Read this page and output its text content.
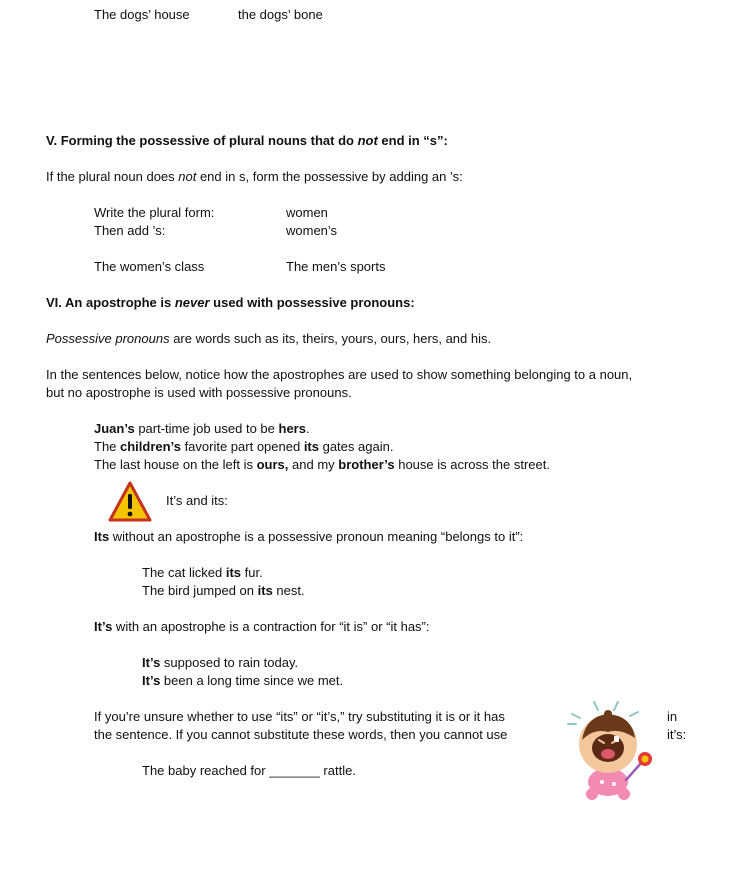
The dogs’ house	the dogs’ bone
V. Forming the possessive of plural nouns that do not end in “s”:
If the plural noun does not end in s, form the possessive by adding an ’s:
Write the plural form:	women
Then add ’s:	women’s
The women’s class	The men’s sports
VI. An apostrophe is never used with possessive pronouns:
Possessive pronouns are words such as its, theirs, yours, ours, hers, and his.
In the sentences below, notice how the apostrophes are used to show something belonging to a noun,
but no apostrophe is used with possessive pronouns.
Juan’s part-time job used to be hers.
The children’s favorite part opened its gates again.
The last house on the left is ours, and my brother’s house is across the street.
It’s and its:
Its without an apostrophe is a possessive pronoun meaning “belongs to it”:
The cat licked its fur.
The bird jumped on its nest.
It’s with an apostrophe is a contraction for “it is” or “it has”:
It’s supposed to rain today.
It’s been a long time since we met.
If you’re unsure whether to use “its” or “it’s,” try substituting it is or it has	in
the sentence. If you cannot substitute these words, then you cannot use	it’s:
The baby reached for _______ rattle.
